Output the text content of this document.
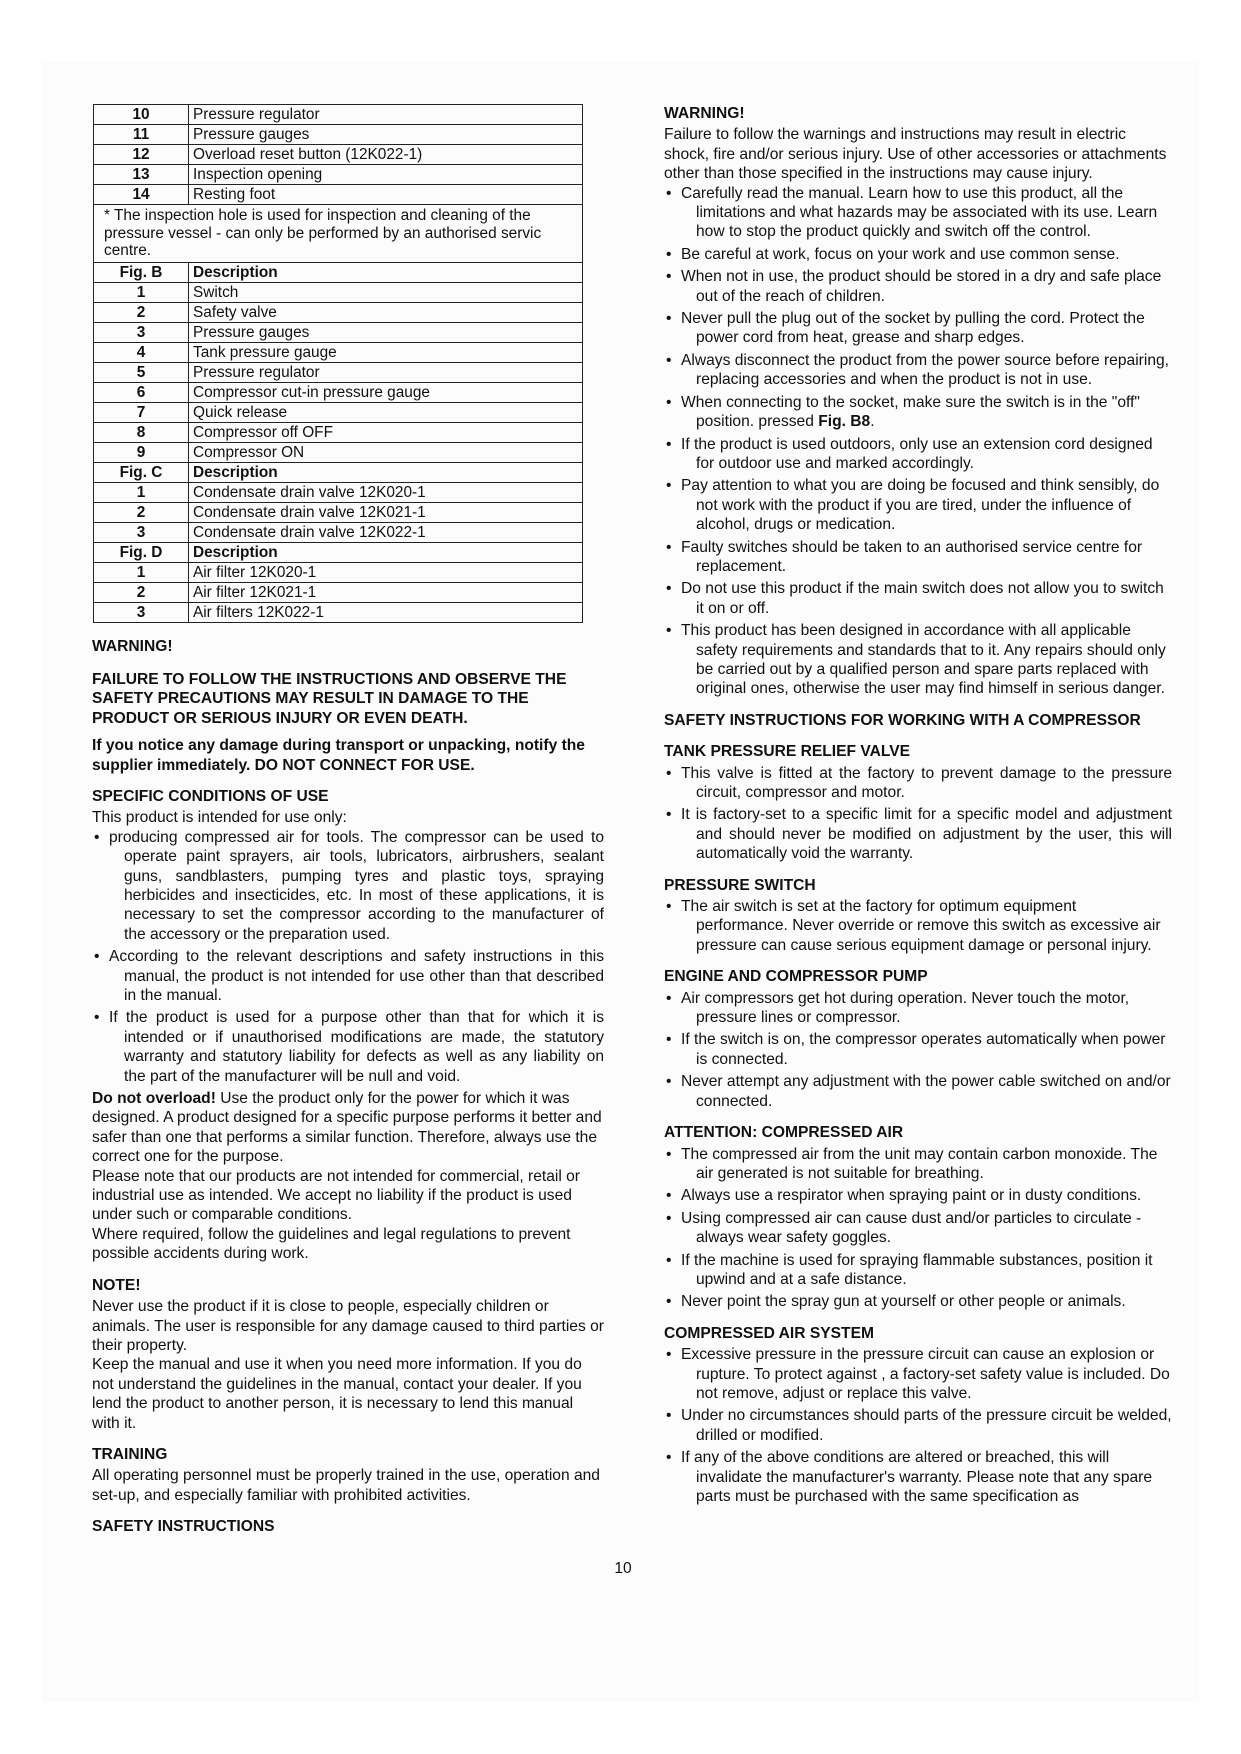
10	Pressure regulator
11	Pressure gauges
12	Overload reset button (12K022-1)
13	Inspection opening
14	Resting foot
* The inspection hole is used for inspection and cleaning of the pressure vessel - can only be performed by an authorised servic centre.	
Fig. B	Description
1	Switch
2	Safety valve
3	Pressure gauges
4	Tank pressure gauge
5	Pressure regulator
6	Compressor cut-in pressure gauge
7	Quick release
8	Compressor off OFF
9	Compressor ON
Fig. C	Description
1	Condensate drain valve 12K020-1
2	Condensate drain valve 12K021-1
3	Condensate drain valve 12K022-1
Fig. D	Description
1	Air filter 12K020-1
2	Air filter 12K021-1
3	Air filters 12K022-1
WARNING!

FAILURE TO FOLLOW THE INSTRUCTIONS AND OBSERVE THE SAFETY PRECAUTIONS MAY RESULT IN DAMAGE TO THE PRODUCT OR SERIOUS INJURY OR EVEN DEATH.

If you notice any damage during transport or unpacking, notify the supplier immediately. DO NOT CONNECT FOR USE.

SPECIFIC CONDITIONS OF USE

This product is intended for use only:

• producing compressed air for tools. The compressor can be used to operate paint sprayers, air tools, lubricators, airbrushers, sealant guns, sandblasters, pumping tyres and plastic toys, spraying herbicides and insecticides, etc. In most of these applications, it is necessary to set the compressor according to the manufacturer of the accessory or the preparation used.
• According to the relevant descriptions and safety instructions in this manual, the product is not intended for use other than that described in the manual.
• If the product is used for a purpose other than that for which it is intended or if unauthorised modifications are made, the statutory warranty and statutory liability for defects as well as any liability on the part of the manufacturer will be null and void.

Do not overload! Use the product only for the power for which it was designed. A product designed for a specific purpose performs it better and safer than one that performs a similar function. Therefore, always use the correct one for the purpose.

Please note that our products are not intended for commercial, retail or industrial use as intended. We accept no liability if the product is used under such or comparable conditions.

Where required, follow the guidelines and legal regulations to prevent possible accidents during work.

NOTE!

Never use the product if it is close to people, especially children or animals. The user is responsible for any damage caused to third parties or their property.

Keep the manual and use it when you need more information. If you do not understand the guidelines in the manual, contact your dealer. If you lend the product to another person, it is necessary to lend this manual with it.

TRAINING

All operating personnel must be properly trained in the use, operation and set-up, and especially familiar with prohibited activities.

SAFETY INSTRUCTIONS
WARNING!

Failure to follow the warnings and instructions may result in electric shock, fire and/or serious injury. Use of other accessories or attachments other than those specified in the instructions may cause injury.

• Carefully read the manual. Learn how to use this product, all the limitations and what hazards may be associated with its use. Learn how to stop the product quickly and switch off the control.
• Be careful at work, focus on your work and use common sense.
• When not in use, the product should be stored in a dry and safe place out of the reach of children.
• Never pull the plug out of the socket by pulling the cord. Protect the power cord from heat, grease and sharp edges.
• Always disconnect the product from the power source before repairing, replacing accessories and when the product is not in use.
• When connecting to the socket, make sure the switch is in the "off" position. pressed Fig. B8.
• If the product is used outdoors, only use an extension cord designed for outdoor use and marked accordingly.
• Pay attention to what you are doing be focused and think sensibly, do not work with the product if you are tired, under the influence of alcohol, drugs or medication.
• Faulty switches should be taken to an authorised service centre for replacement.
• Do not use this product if the main switch does not allow you to switch it on or off.
• This product has been designed in accordance with all applicable safety requirements and standards that to it. Any repairs should only be carried out by a qualified person and spare parts replaced with original ones, otherwise the user may find himself in serious danger.
SAFETY INSTRUCTIONS FOR WORKING WITH A COMPRESSOR
TANK PRESSURE RELIEF VALVE
• This valve is fitted at the factory to prevent damage to the pressure circuit, compressor and motor.
• It is factory-set to a specific limit for a specific model and adjustment and should never be modified on adjustment by the user, this will automatically void the warranty.
PRESSURE SWITCH
• The air switch is set at the factory for optimum equipment performance. Never override or remove this switch as excessive air pressure can cause serious equipment damage or personal injury.
ENGINE AND COMPRESSOR PUMP
• Air compressors get hot during operation. Never touch the motor, pressure lines or compressor.
• If the switch is on, the compressor operates automatically when power is connected.
• Never attempt any adjustment with the power cable switched on and/or connected.
ATTENTION: COMPRESSED AIR
• The compressed air from the unit may contain carbon monoxide. The air generated is not suitable for breathing.
• Always use a respirator when spraying paint or in dusty conditions.
• Using compressed air can cause dust and/or particles to circulate - always wear safety goggles.
• If the machine is used for spraying flammable substances, position it upwind and at a safe distance.
• Never point the spray gun at yourself or other people or animals.
COMPRESSED AIR SYSTEM
• Excessive pressure in the pressure circuit can cause an explosion or rupture. To protect against , a factory-set safety value is included. Do not remove, adjust or replace this valve.
• Under no circumstances should parts of the pressure circuit be welded, drilled or modified.
• If any of the above conditions are altered or breached, this will invalidate the manufacturer's warranty. Please note that any spare parts must be purchased with the same specification as
10
